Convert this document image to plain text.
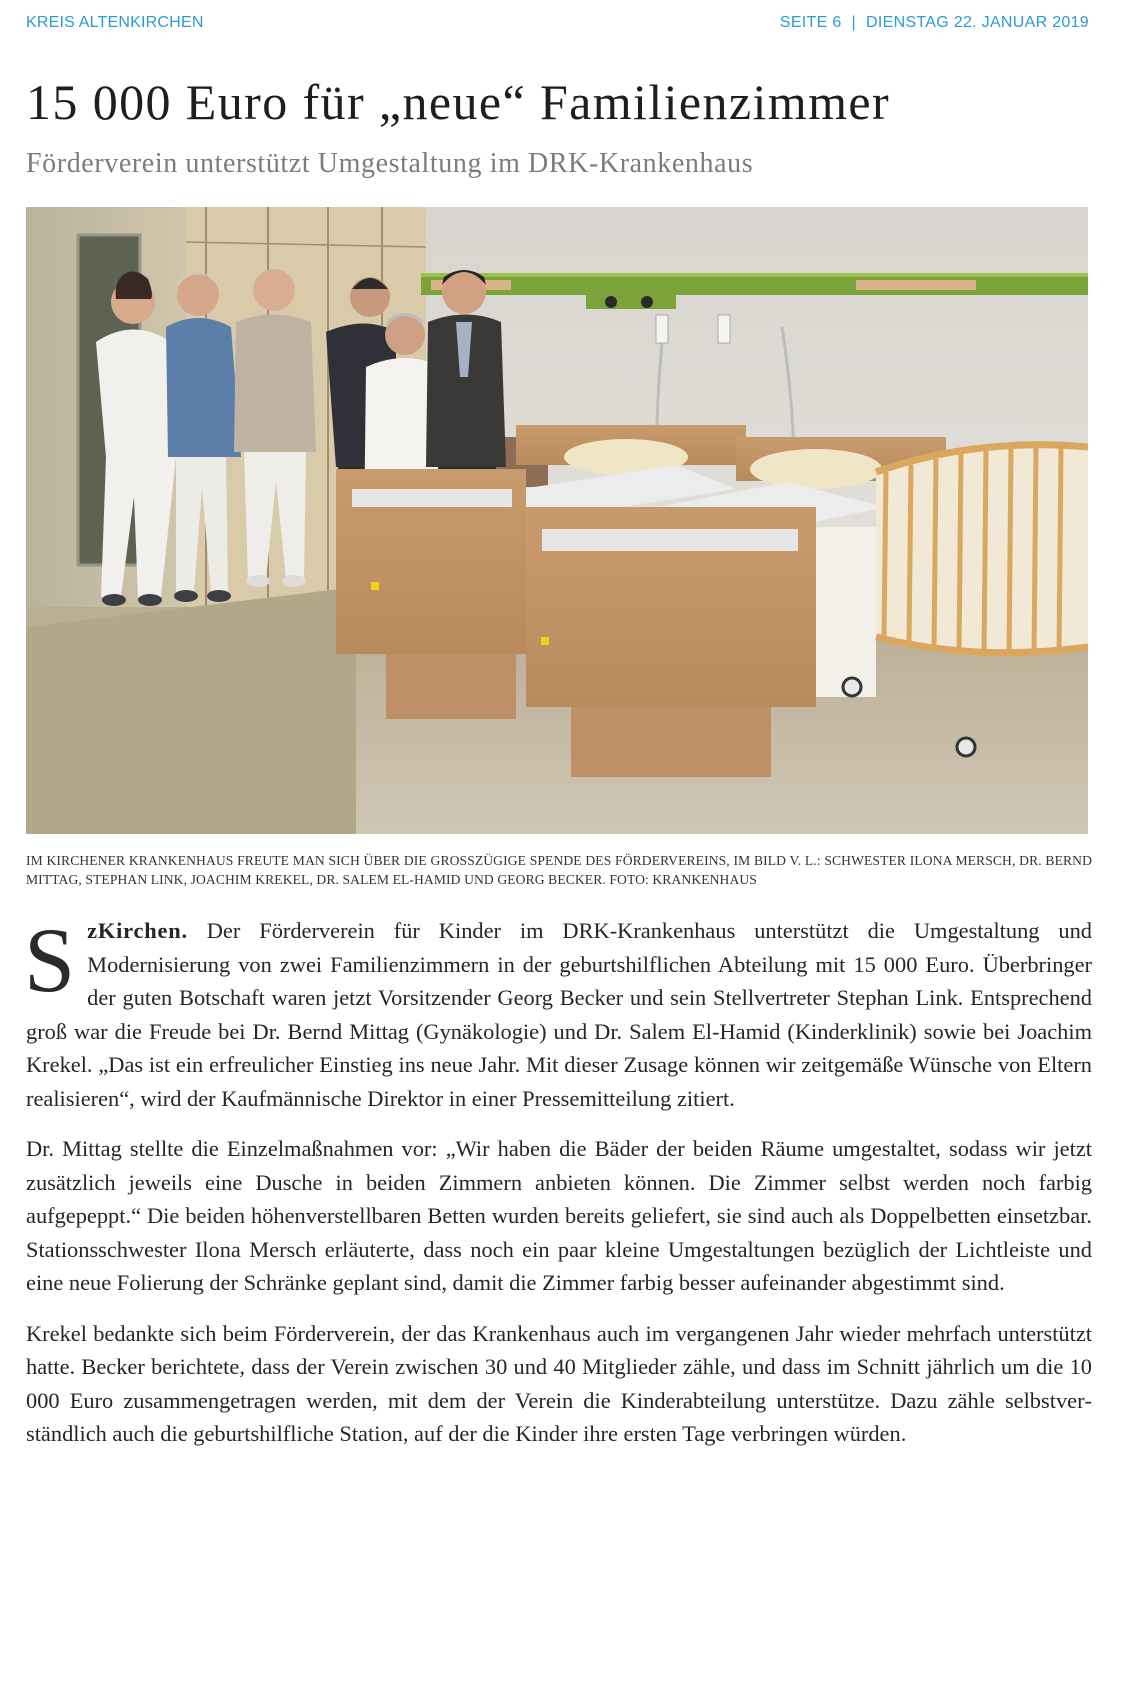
KREIS ALTENKIRCHEN	SEITE 6 | DIENSTAG 22. JANUAR 2019
15 000 Euro für „neue“ Familienzimmer
Förderverein unterstützt Umgestaltung im DRK-Krankenhaus

IM KIRCHENER KRANKENHAUS FREUTE MAN SICH ÜBER DIE GROSSZÜGIGE SPENDE DES FÖRDERVEREINS, IM BILD V. L.: SCHWESTER ILONA MERSCH, DR. BERND MITTAG, STEPHAN LINK, JOACHIM KREKEL, DR. SALEM EL-HAMID UND GEORG BECKER. FOTO: KRANKENHAUS

SzKirchen. Der Förderverein für Kinder im DRK-Krankenhaus unterstützt die Umgestaltung und Modernisierung von zwei Familienzimmern in der geburtshilflichen Abteilung mit 15 000 Euro. Überbringer der guten Botschaft waren jetzt Vorsitzender Georg Becker und sein Stellvertreter Stephan Link. Entsprechend groß war die Freude bei Dr. Bernd Mittag (Gynäkologie) und Dr. Salem El-Hamid (Kinderklinik) sowie bei Joachim Krekel. „Das ist ein erfreulicher Einstieg ins neue Jahr. Mit dieser Zusage können wir zeitgemäße Wünsche von Eltern realisieren“, wird der Kaufmännische Direktor in einer Pressemitteilung zitiert.

Dr. Mittag stellte die Einzelmaßnahmen vor: „Wir haben die Bäder der beiden Räume umgestaltet, sodass wir jetzt zusätzlich jeweils eine Dusche in beiden Zimmern anbieten können. Die Zimmer selbst werden noch farbig aufgepeppt.“ Die beiden höhenverstellbaren Betten wurden bereits geliefert, sie sind auch als Doppelbetten einsetzbar. Stationsschwester Ilona Mersch erläuterte, dass noch ein paar kleine Umgestaltungen bezüglich der Lichtleiste und eine neue Folierung der Schränke geplant sind, damit die Zimmer farbig besser aufeinander abgestimmt sind.

Krekel bedankte sich beim Förderverein, der das Krankenhaus auch im vergangenen Jahr wieder mehrfach unterstützt hatte. Becker berichtete, dass der Verein zwischen 30 und 40 Mitglieder zähle, und dass im Schnitt jährlich um die 10 000 Euro zusammengetragen werden, mit dem der Verein die Kinderabteilung unterstütze. Dazu zähle selbstverständlich auch die geburtshilfliche Station, auf der die Kinder ihre ersten Tage verbringen würden.
